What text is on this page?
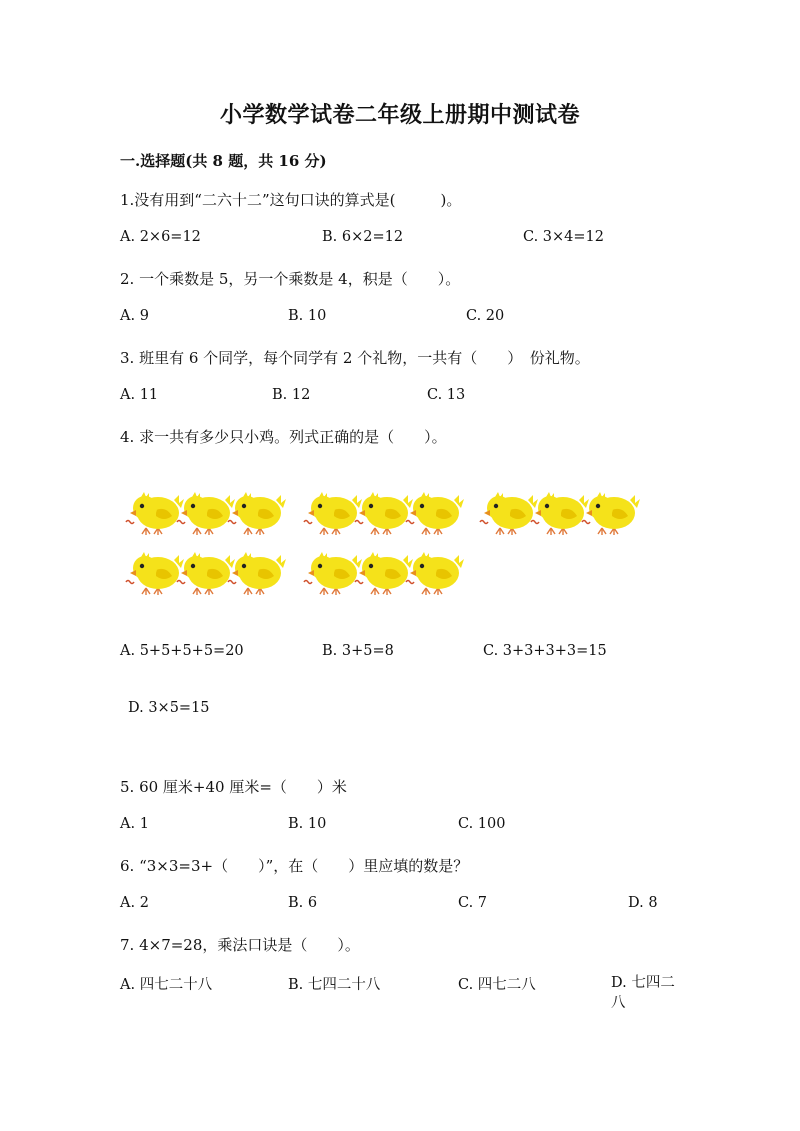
小学数学试卷二年级上册期中测试卷
一.选择题(共 8 题，共 16 分)
1.没有用到“二六十二”这句口诀的算式是(　　　)。
A. 2×6=12	B. 6×2=12	C. 3×4=12
2. 一个乘数是 5，另一个乘数是 4，积是（　　）。
A. 9	B. 10	C. 20
3. 班里有 6 个同学，每个同学有 2 个礼物，一共有（　　）　份礼物。
A. 11	B. 12	C. 13
4. 求一共有多少只小鸡。列式正确的是（　　）。
A. 5+5+5+5=20	B. 3+5=8	C. 3+3+3+3=15
D. 3×5=15
5. 60 厘米+40 厘米=（　　）米
A. 1	B. 10	C. 100
6. “3×3=3+（　　）”，在（　　）里应填的数是？
A. 2	B. 6	C. 7	D. 8
7. 4×7=28，乘法口诀是（　　）。
A. 四七二十八	B. 七四二十八	C. 四七二八	D. 七四二八
